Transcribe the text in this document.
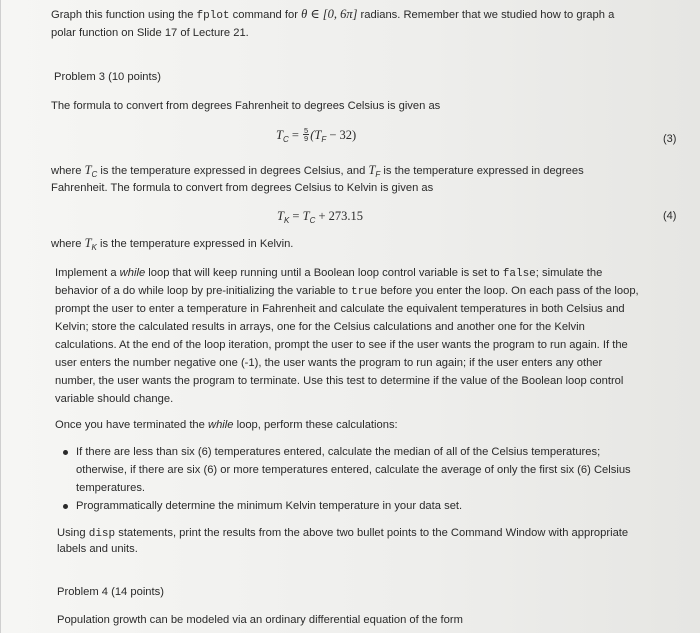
Graph this function using the fplot command for θ ∈ [0, 6π] radians. Remember that we studied how to graph a
polar function on Slide 17 of Lecture 21.
Problem 3 (10 points)
The formula to convert from degrees Fahrenheit to degrees Celsius is given as
$T_C = \frac{5}{9} (T_F - 32)$	(3)
where $T_C$ is the temperature expressed in degrees Celsius, and $T_F$ is the temperature expressed in degrees
Fahrenheit. The formula to convert from degrees Celsius to Kelvin is given as
$T_K = T_C + 273.15$	(4)
where $T_K$ is the temperature expressed in Kelvin.
Implement a while loop that will keep running until a Boolean loop control variable is set to false; simulate the
behavior of a do while loop by pre-initializing the variable to true before you enter the loop. On each pass of the loop,
prompt the user to enter a temperature in Fahrenheit and calculate the equivalent temperatures in both Celsius and
Kelvin; store the calculated results in arrays, one for the Celsius calculations and another one for the Kelvin
calculations. At the end of the loop iteration, prompt the user to see if the user wants the program to run again. If the
user enters the number negative one (-1), the user wants the program to run again; if the user enters any other
number, the user wants the program to terminate. Use this test to determine if the value of the Boolean loop control
variable should change.
Once you have terminated the while loop, perform these calculations:
If there are less than six (6) temperatures entered, calculate the median of all of the Celsius temperatures;
otherwise, if there are six (6) or more temperatures entered, calculate the average of only the first six (6) Celsius
temperatures.
Programmatically determine the minimum Kelvin temperature in your data set.
Using disp statements, print the results from the above two bullet points to the Command Window with appropriate
labels and units.
Problem 4 (14 points)
Population growth can be modeled via an ordinary differential equation of the form
